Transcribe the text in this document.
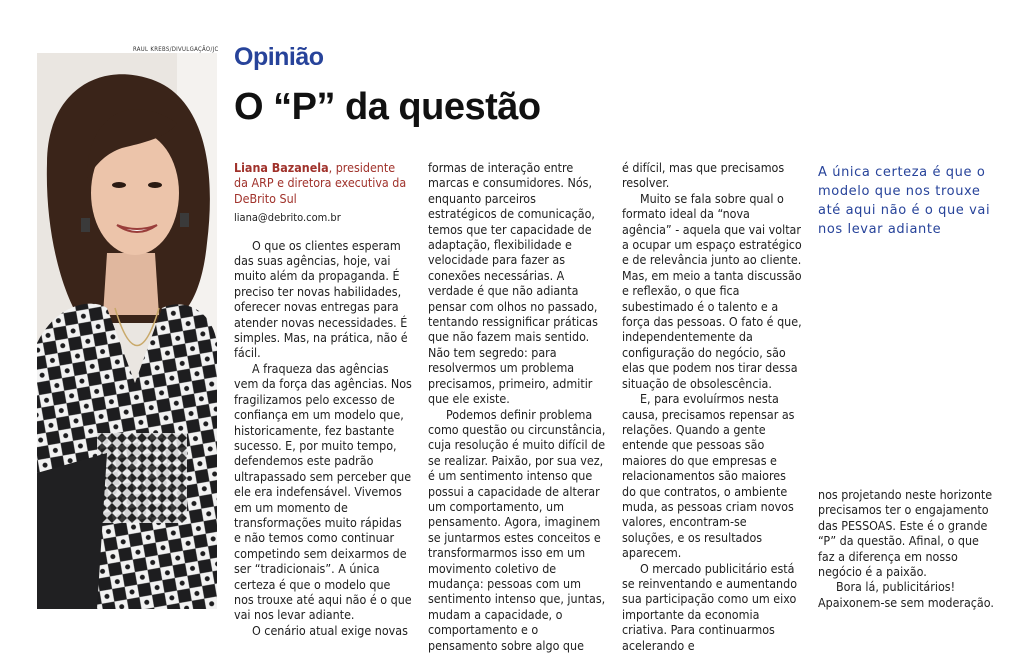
RAUL KREBS/DIVULGAÇÃO/JC Opinião
O “P” da questão

Liana Bazanela, presidente da ARP e diretora executiva da DeBrito Sul

liana@debrito.com.br

O que os clientes esperam das suas agências, hoje, vai muito além da propaganda. É preciso ter novas habilidades, oferecer novas entregas para atender novas necessidades. É simples. Mas, na prática, não é fácil.

A fraqueza das agências vem da força das agências. Nos fragilizamos pelo excesso de confiança em um modelo que, historicamente, fez bastante sucesso. E, por muito tempo, defendemos este padrão ultrapassado sem perceber que ele era indefensável. Vivemos em um momento de transformações muito rápidas e não temos como continuar competindo sem deixarmos de ser “tradicionais”. A única certeza é que o modelo que nos trouxe até aqui não é o que vai nos levar adiante.

O cenário atual exige novas

formas de interação entre marcas e consumidores. Nós, enquanto parceiros estratégicos de comunicação, temos que ter capacidade de adaptação, flexibilidade e velocidade para fazer as conexões necessárias. A verdade é que não adianta pensar com olhos no passado, tentando ressignificar práticas que não fazem mais sentido. Não tem segredo: para resolvermos um problema precisamos, primeiro, admitir que ele existe.

Podemos definir problema como questão ou circunstância, cuja resolução é muito difícil de se realizar. Paixão, por sua vez, é um sentimento intenso que possui a capacidade de alterar um comportamento, um pensamento. Agora, imaginem se juntarmos estes conceitos e transformarmos isso em um movimento coletivo de mudança: pessoas com um sentimento intenso que, juntas, mudam a capacidade, o comportamento e o pensamento sobre algo que

é difícil, mas que precisamos resolver.

Muito se fala sobre qual o formato ideal da “nova agência” - aquela que vai voltar a ocupar um espaço estratégico e de relevância junto ao cliente. Mas, em meio a tanta discussão e reflexão, o que fica subestimado é o talento e a força das pessoas. O fato é que, independentemente da configuração do negócio, são elas que podem nos tirar dessa situação de obsolescência.

E, para evoluírmos nesta causa, precisamos repensar as relações. Quando a gente entende que pessoas são maiores do que empresas e relacionamentos são maiores do que contratos, o ambiente muda, as pessoas criam novos valores, encontram-se soluções, e os resultados aparecem.

O mercado publicitário está se reinventando e aumentando sua participação como um eixo importante da economia criativa. Para continuarmos acelerando e

A única certeza é que o modelo que nos trouxe até aqui não é o que vai nos levar adiante

nos projetando neste horizonte precisamos ter o engajamento das PESSOAS. Este é o grande “P” da questão. Afinal, o que faz a diferença em nosso negócio é a paixão.

Bora lá, publicitários! Apaixonem-se sem moderação.
